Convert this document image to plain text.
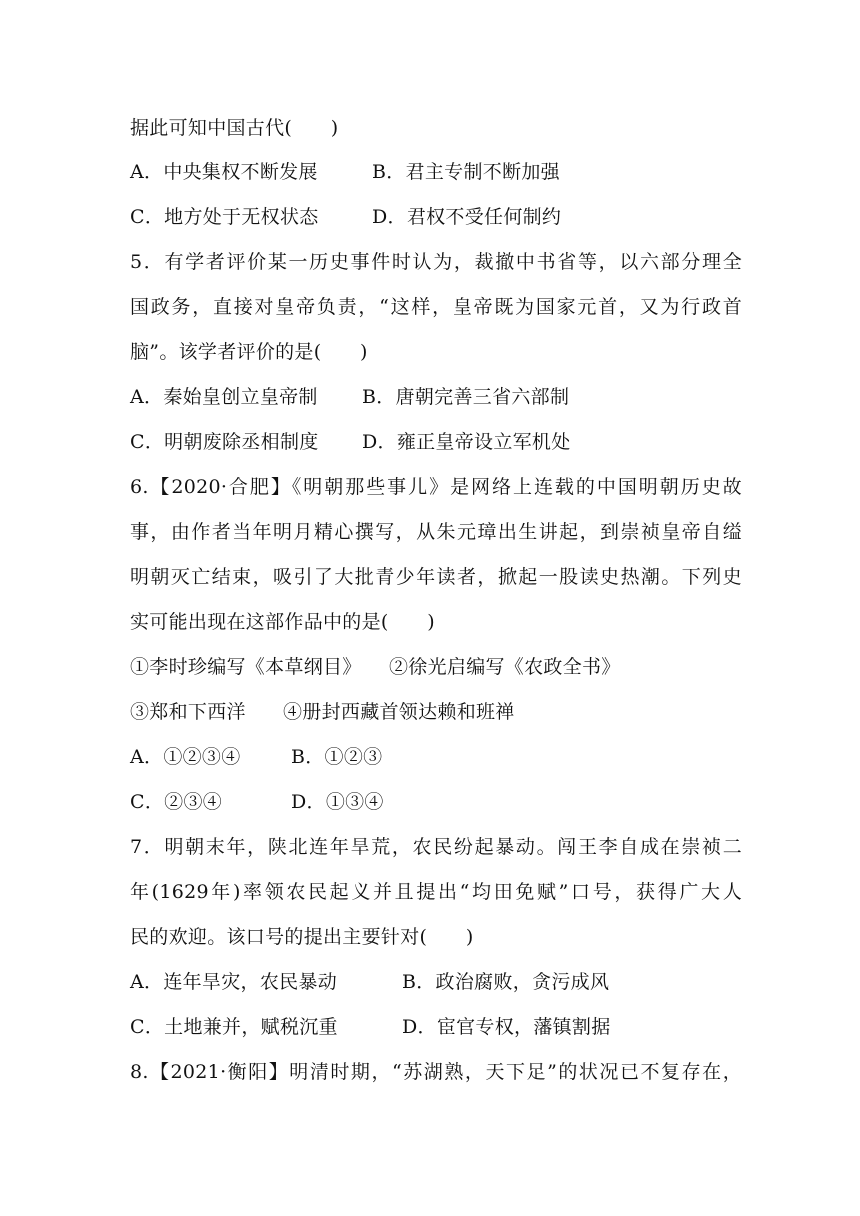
据此可知中国古代(　　)
A．中央集权不断发展	B．君主专制不断加强
C．地方处于无权状态	D．君权不受任何制约
5．有学者评价某一历史事件时认为，裁撤中书省等，以六部分理全
国政务，直接对皇帝负责，“这样，皇帝既为国家元首，又为行政首
脑”。该学者评价的是(　　)
A．秦始皇创立皇帝制 B．唐朝完善三省六部制
C．明朝废除丞相制度 D．雍正皇帝设立军机处
6.【2020·合肥】《明朝那些事儿》是网络上连载的中国明朝历史故
事，由作者当年明月精心撰写，从朱元璋出生讲起，到崇祯皇帝自缢
明朝灭亡结束，吸引了大批青少年读者，掀起一股读史热潮。下列史
实可能出现在这部作品中的是(　　)
①李时珍编写《本草纲目》 ②徐光启编写《农政全书》
③郑和下西洋 ④册封西藏首领达赖和班禅
A．①②③④	B．①②③
C．②③④	D．①③④
7．明朝末年，陕北连年旱荒，农民纷起暴动。闯王李自成在崇祯二
年(1629年)率领农民起义并且提出“均田免赋”口号，获得广大人
民的欢迎。该口号的提出主要针对(　　)
A．连年旱灾，农民暴动	B．政治腐败，贪污成风
C．土地兼并，赋税沉重	D．宦官专权，藩镇割据
8.【2021·衡阳】明清时期，“苏湖熟，天下足”的状况已不复存在，
